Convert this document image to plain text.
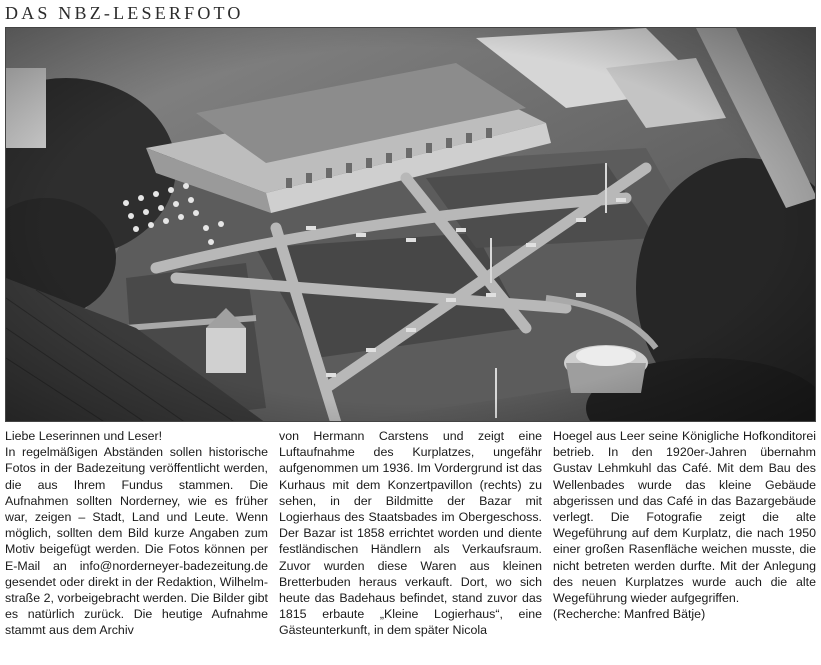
DAS NBZ-LESERFOTO

Liebe Leserinnen und Leser!

In regelmäßigen Abständen sollen historische Fotos in der Badezeitung veröffentlicht werden, die aus Ihrem Fundus stammen. Die Aufnahmen sollten Norderney, wie es früher war, zeigen – Stadt, Land und Leute. Wenn möglich, sollten dem Bild kurze Angaben zum Motiv beigefügt werden. Die Fotos können per E-Mail an info@norderneyer-badezeitung.de gesendet oder direkt in der Redaktion, Wilhelmstraße 2, vorbeigebracht werden. Die Bilder gibt es natürlich zurück. Die heutige Aufnahme stammt aus dem Archiv

von Hermann Carstens und zeigt eine Luftaufnahme des Kurplatzes, ungefähr aufgenommen um 1936. Im Vordergrund ist das Kurhaus mit dem Konzertpavillon (rechts) zu sehen, in der Bildmitte der Bazar mit Logierhaus des Staatsbades im Obergeschoss. Der Bazar ist 1858 errichtet worden und diente festländischen Händlern als Verkaufsraum. Zuvor wurden diese Waren aus kleinen Bretterbuden heraus verkauft. Dort, wo sich heute das Badehaus befindet, stand zuvor das 1815 erbaute „Kleine Logierhaus“, eine Gästeunterkunft, in dem später Nicola

Hoegel aus Leer seine Königliche Hofkonditorei betrieb. In den 1920er-Jahren übernahm Gustav Lehmkuhl das Café. Mit dem Bau des Wellenbades wurde das kleine Gebäude abgerissen und das Café in das Bazargebäude verlegt. Die Fotografie zeigt die alte Wegeführung auf dem Kurplatz, die nach 1950 einer großen Rasenfläche weichen musste, die nicht betreten werden durfte. Mit der Anlegung des neuen Kurplatzes wurde auch die alte Wegeführung wieder aufgegriffen.

(Recherche: Manfred Bätje)
